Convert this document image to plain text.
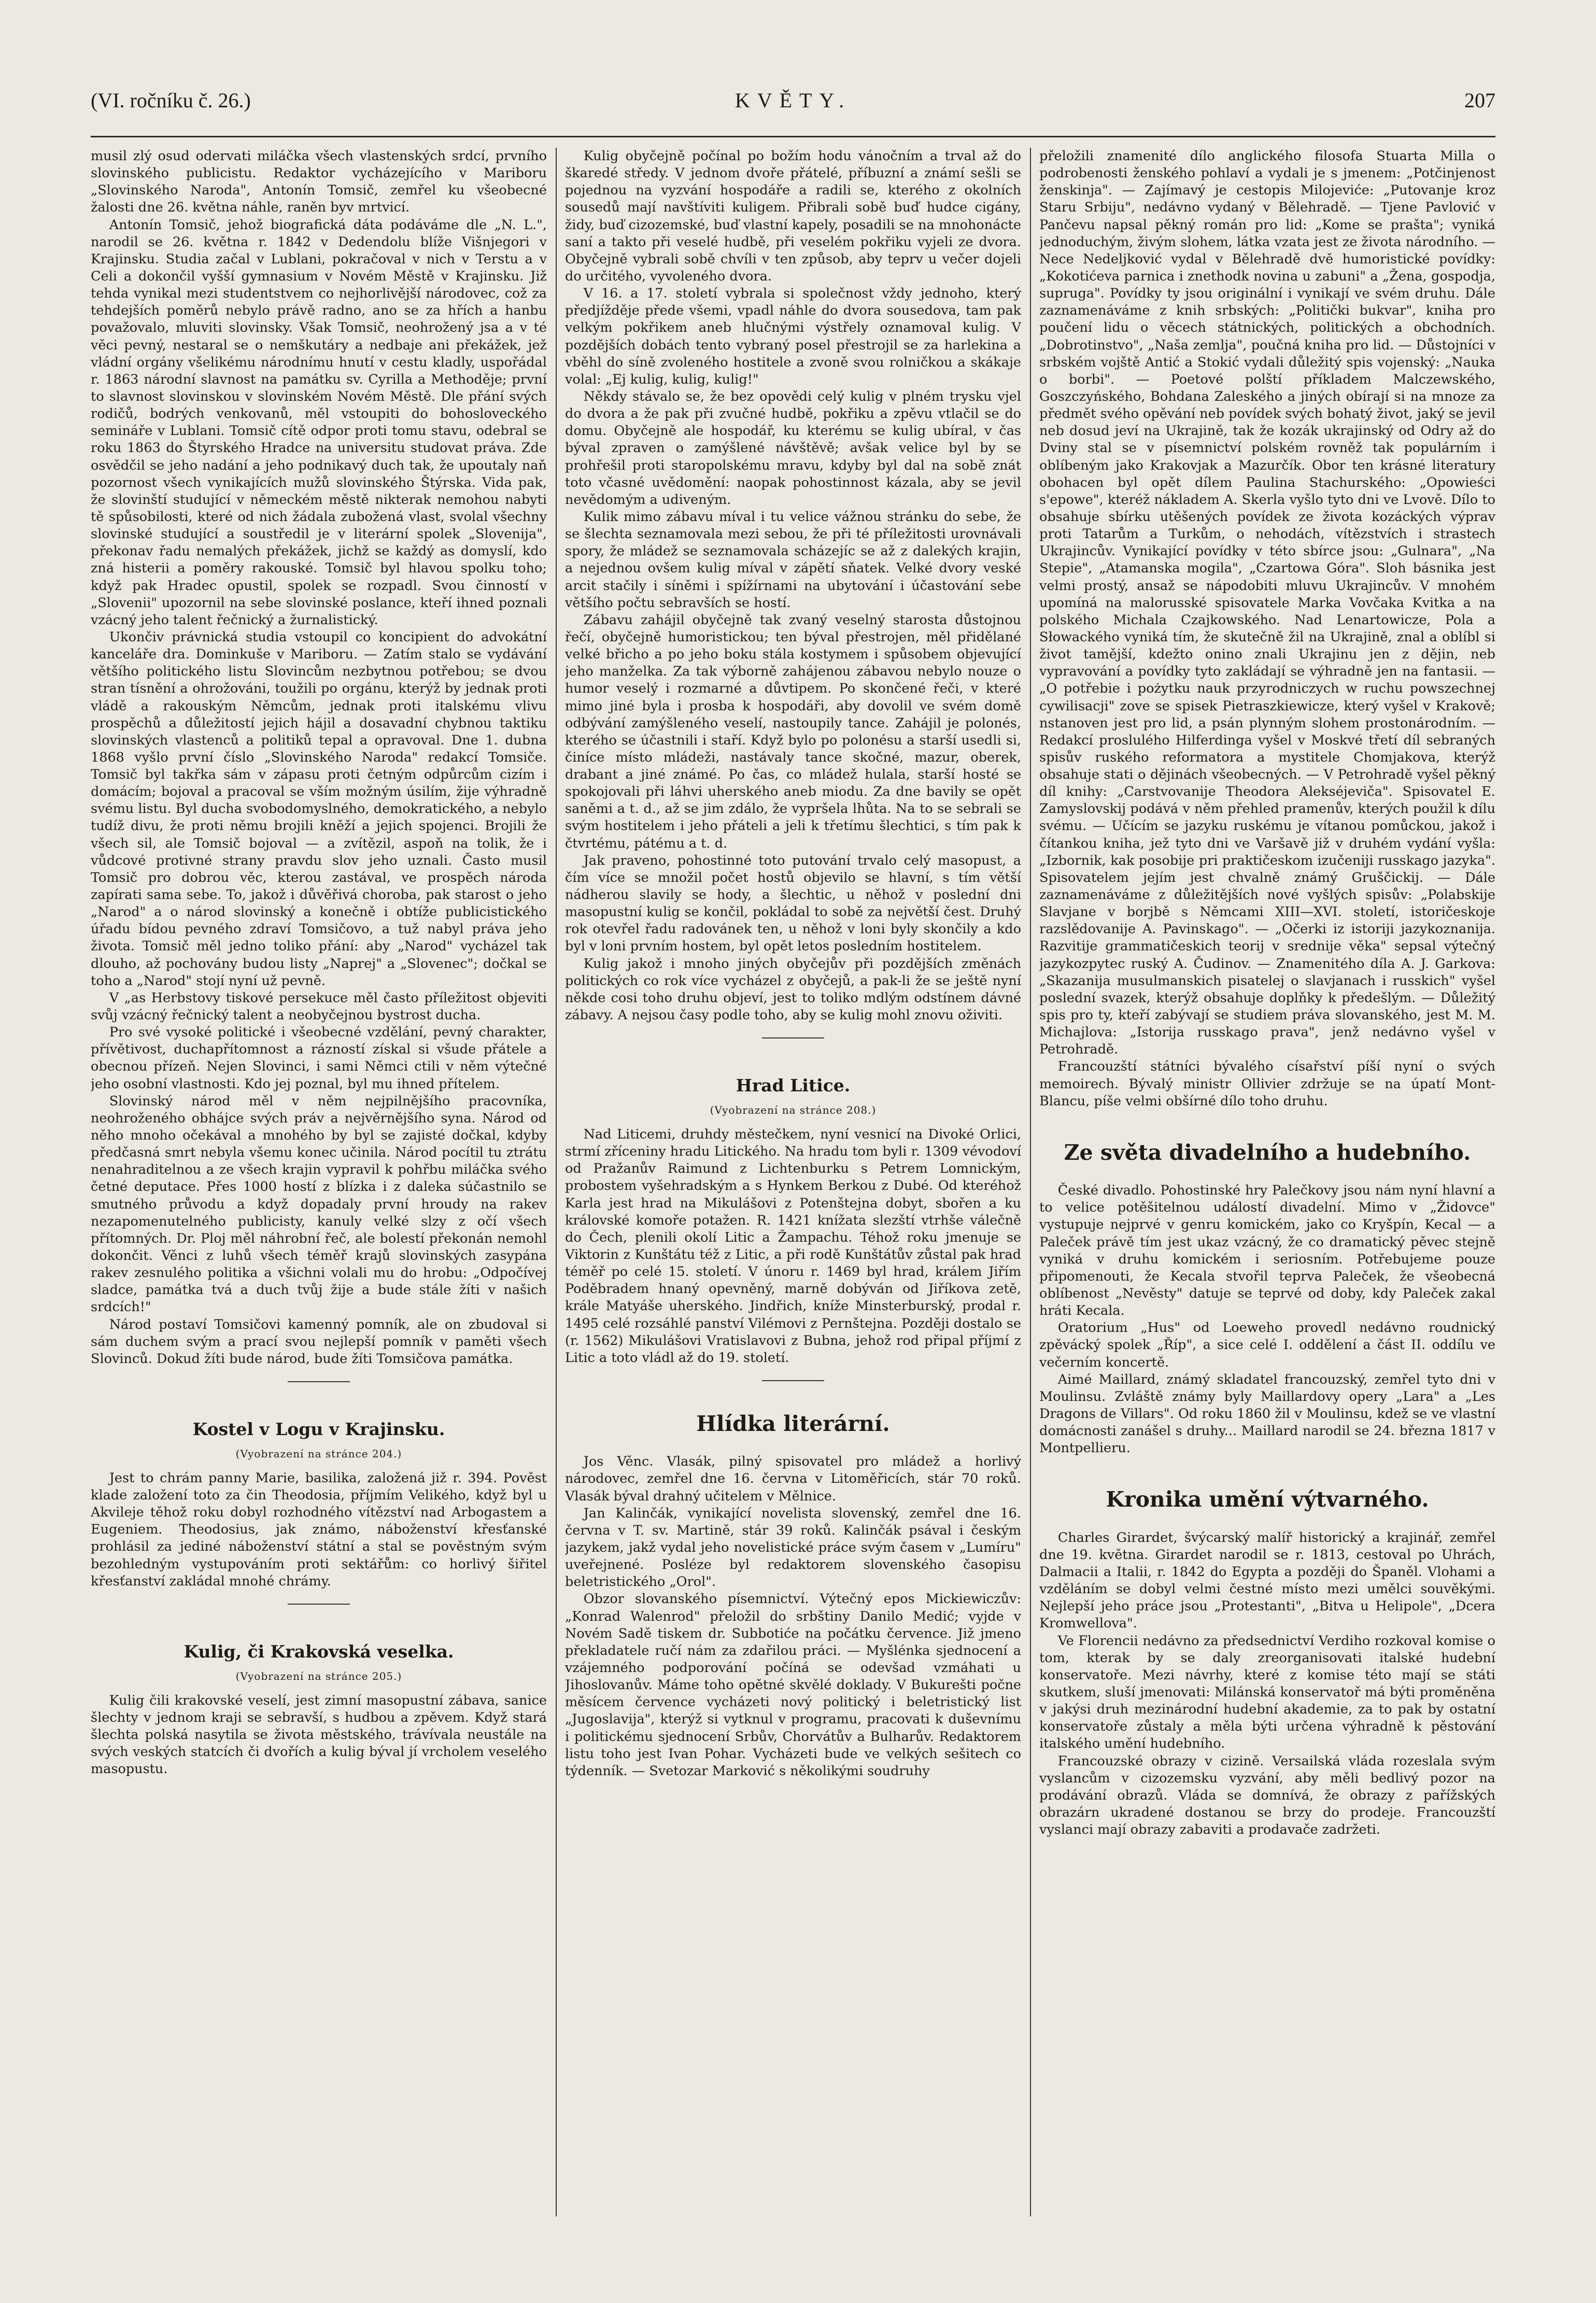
(VI. ročníku č. 26.)	KVĚTY.	207

musil zlý osud odervati miláčka všech vlastenských srdcí, prvního slovinského publicistu. Redaktor vycházejícího v Mariboru „Slovinského Naroda", Antonín Tomsič, zemřel ku všeobecné žalosti dne 26. května náhle, raněn byv mrtvicí.

Antonín Tomsič, jehož biografická dáta podáváme dle „N. L.", narodil se 26. května r. 1842 v Dedendolu blíže Višnjegori v Krajinsku. Studia začal v Lublani, pokračoval v nich v Terstu a v Celi a dokončil vyšší gymnasium v Novém Městě v Krajinsku. Již tehda vynikal mezi studentstvem co nejhorlivější národovec, což za tehdejších poměrů nebylo právě radno, ano se za hřích a hanbu považovalo, mluviti slovinsky. Však Tomsič, neohrožený jsa a v té věci pevný, nestaral se o nemškutáry a nedbaje ani překážek, jež vládní orgány všelikému národnímu hnutí v cestu kladly, uspořádal r. 1863 národní slavnost na památku sv. Cyrilla a Methoděje; první to slavnost slovinskou v slovinském Novém Městě. Dle přání svých rodičů, bodrých venkovanů, měl vstoupiti do bohosloveckého semináře v Lublani. Tomsič cítě odpor proti tomu stavu, odebral se roku 1863 do Štyrského Hradce na universitu studovat práva. Zde osvědčil se jeho nadání a jeho podnikavý duch tak, že upoutaly naň pozornost všech vynikajících mužů slovinského Štýrska. Vida pak, že slovinští studující v německém městě nikterak nemohou nabyti tě spůsobilosti, které od nich žádala zubožená vlast, svolal všechny slovinské studující a soustředil je v literární spolek „Slovenija", překonav řadu nemalých překážek, jichž se každý as domyslí, kdo zná histerii a poměry rakouské. Tomsič byl hlavou spolku toho; když pak Hradec opustil, spolek se rozpadl. Svou činností v „Slovenii" upozornil na sebe slovinské poslance, kteří ihned poznali vzácný jeho talent řečnický a žurnalistický.

Ukončiv právnická studia vstoupil co koncipient do advokátní kanceláře dra. Dominkuše v Mariboru. — Zatím stalo se vydávání většího politického listu Slovincům nezbytnou potřebou; se dvou stran tísnění a ohrožováni, toužili po orgánu, kterýž by jednak proti vládě a rakouským Němcům, jednak proti italskému vlivu prospěchů a důležitostí jejich hájil a dosavadní chybnou taktiku slovinských vlastenců a politiků tepal a opravoval. Dne 1. dubna 1868 vyšlo první číslo „Slovinského Naroda" redakcí Tomsiče. Tomsič byl takřka sám v zápasu proti četným odpůrcům cizím i domácím; bojoval a pracoval se vším možným úsilím, žije výhradně svému listu. Byl ducha svobodomyslného, demokratického, a nebylo tudíž divu, že proti němu brojili kněží a jejich spojenci. Brojili že všech sil, ale Tomsič bojoval — a zvítězil, aspoň na tolik, že i vůdcové protivné strany pravdu slov jeho uznali. Často musil Tomsič pro dobrou věc, kterou zastával, ve prospěch národa zapírati sama sebe. To, jakož i důvěřivá choroba, pak starost o jeho „Narod" a o národ slovinský a konečně i obtíže publicistického úřadu bídou pevného zdraví Tomsičovo, a tuž nabyl práva jeho života. Tomsič měl jedno toliko přání: aby „Narod" vycházel tak dlouho, až pochovány budou listy „Naprej" a „Slovenec"; dočkal se toho a „Narod" stojí nyní už pevně.

V „as Herbstovy tiskové persekuce měl často příležitost objeviti svůj vzácný řečnický talent a neobyčejnou bystrost ducha.

Pro své vysoké politické i všeobecné vzdělání, pevný charakter, přívětivost, duchapřítomnost a rázností získal si všude přátele a obecnou přízeň. Nejen Slovinci, i sami Němci ctili v něm výtečné jeho osobní vlastnosti. Kdo jej poznal, byl mu ihned přítelem.

Slovinský národ měl v něm nejpilnějšího pracovníka, neohroženého obhájce svých práv a nejvěrnějšího syna. Národ od něho mnoho očekával a mnohého by byl se zajisté dočkal, kdyby předčasná smrt nebyla všemu konec učinila. Národ pocítil tu ztrátu nenahraditelnou a ze všech krajin vypravil k pohřbu miláčka svého četné deputace. Přes 1000 hostí z blízka i z daleka súčastnilo se smutného průvodu a když dopadaly první hroudy na rakev nezapomenutelného publicisty, kanuly velké slzy z očí všech přítomných. Dr. Ploj měl náhrobní řeč, ale bolestí překonán nemohl dokončit. Věnci z luhů všech téměř krajů slovinských zasypána rakev zesnulého politika a všichni volali mu do hrobu: „Odpočívej sladce, památka tvá a duch tvůj žije a bude stále žíti v našich srdcích!"

Národ postaví Tomsičovi kamenný pomník, ale on zbudoval si sám duchem svým a prací svou nejlepší pomník v paměti všech Slovinců. Dokud žíti bude národ, bude žíti Tomsičova památka.

Kostel v Logu v Krajinsku.
(Vyobrazení na stránce 204.)

Jest to chrám panny Marie, basilika, založená již r. 394. Pověst klade založení toto za čin Theodosia, příjmím Velikého, když byl u Akvileje těhož roku dobyl rozhodného vítězství nad Arbogastem a Eugeniem. Theodosius, jak známo, náboženství křesťanské prohlásil za jediné náboženství státní a stal se pověstným svým bezohledným vystupováním proti sektářům: co horlivý šiřitel křesťanství zakládal mnohé chrámy.

Kulig, či Krakovská veselka.
(Vyobrazení na stránce 205.)

Kulig čili krakovské veselí, jest zimní masopustní zábava, sanice šlechty v jednom kraji se sebravší, s hudbou a zpěvem. Když stará šlechta polská nasytila se života městského, trávívala neustále na svých veských statcích či dvořích a kulig býval jí vrcholem veselého masopustu.

Kulig obyčejně počínal po božím hodu vánočním a trval až do škaredé středy. V jednom dvoře přátelé, příbuzní a známí sešli se pojednou na vyzvání hospodáře a radili se, kterého z okolních sousedů mají navštíviti kuligem. Přibrali sobě buď hudce cigány, židy, buď cizozemské, buď vlastní kapely, posadili se na mnohonácte saní a takto při veselé hudbě, při veselém pokřiku vyjeli ze dvora. Obyčejně vybrali sobě chvíli v ten způsob, aby teprv u večer dojeli do určitého, vyvoleného dvora.

V 16. a 17. století vybrala si společnost vždy jednoho, který předjížděje přede všemi, vpadl náhle do dvora sousedova, tam pak velkým pokřikem aneb hlučnými výstřely oznamoval kulig. V pozdějších dobách tento vybraný posel přestrojil se za harlekina a vběhl do síně zvoleného hostitele a zvoně svou rolničkou a skákaje volal: „Ej kulig, kulig, kulig!"

Někdy stávalo se, že bez opovědi celý kulig v plném trysku vjel do dvora a že pak při zvučné hudbě, pokřiku a zpěvu vtlačil se do domu. Obyčejně ale hospodář, ku kterému se kulig ubíral, v čas býval zpraven o zamýšlené návštěvě; avšak velice byl by se prohřešil proti staropolskému mravu, kdyby byl dal na sobě znát toto včasné uvědomění: naopak pohostinnost kázala, aby se jevil nevědomým a udiveným.

Kulik mimo zábavu míval i tu velice vážnou stránku do sebe, že se šlechta seznamovala mezi sebou, že při té příležitosti urovnávali spory, že mládež se seznamovala scházejíc se až z dalekých krajin, a nejednou ovšem kulig míval v zápětí sňatek. Velké dvory veské arcit stačily i síněmi i spížírnami na ubytování i účastování sebe většího počtu sebravších se hostí.

Zábavu zahájil obyčejně tak zvaný veselný starosta důstojnou řečí, obyčejně humoristickou; ten býval přestrojen, měl přidělané velké břicho a po jeho boku stála kostymem i spůsobem objevující jeho manželka. Za tak výborně zahájenou zábavou nebylo nouze o humor veselý i rozmarné a důvtipem. Po skončené řeči, v které mimo jiné byla i prosba k hospodáři, aby dovolil ve svém domě odbývání zamýšleného veselí, nastoupily tance. Zahájil je polonés, kterého se účastnili i staří. Když bylo po polonésu a starší usedli si, činíce místo mládeži, nastávaly tance skočné, mazur, oberek, drabant a jiné známé. Po čas, co mládež hulala, starší hosté se spokojovali při láhvi uherského aneb miodu. Za dne bavily se opět saněmi a t. d., až se jim zdálo, že vypršela lhůta. Na to se sebrali se svým hostitelem i jeho přáteli a jeli k třetímu šlechtici, s tím pak k čtvrtému, pátému a t. d.

Jak praveno, pohostinné toto putování trvalo celý masopust, a čím více se množil počet hostů objevilo se hlavní, s tím větší nádherou slavily se hody, a šlechtic, u něhož v poslední dni masopustní kulig se končil, pokládal to sobě za největší čest. Druhý rok otevřel řadu radovánek ten, u něhož v loni byly skončily a kdo byl v loni prvním hostem, byl opět letos posledním hostitelem.

Kulig jakož i mnoho jiných obyčejův při pozdějších změnách politických co rok více vycházel z obyčejů, a pak-li že se ještě nyní někde cosi toho druhu objeví, jest to toliko mdlým odstínem dávné zábavy. A nejsou časy podle toho, aby se kulig mohl znovu oživiti.

Hrad Litice.
(Vyobrazení na stránce 208.)

Nad Liticemi, druhdy městečkem, nyní vesnicí na Divoké Orlici, strmí zříceniny hradu Litického. Na hradu tom byli r. 1309 vévodoví od Pražanův Raimund z Lichtenburku s Petrem Lomnickým, probostem vyšehradským a s Hynkem Berkou z Dubé. Od kteréhož Karla jest hrad na Mikulášovi z Potenštejna dobyt, sbořen a ku královské komoře potažen. R. 1421 knížata slezští vtrhše válečně do Čech, plenili okolí Litic a Žampachu. Téhož roku jmenuje se Viktorin z Kunštátu též z Litic, a při rodě Kunštátův zůstal pak hrad téměř po celé 15. století. V únoru r. 1469 byl hrad, králem Jiřím Poděbradem hnaný opevněný, marně dobýván od Jiříkova zetě, krále Matyáše uherského. Jindřich, kníže Minsterburský, prodal r. 1495 celé rozsáhlé panství Vilémovi z Pernštejna. Později dostalo se (r. 1562) Mikulášovi Vratislavovi z Bubna, jehož rod připal příjmí z Litic a toto vládl až do 19. století.

Hlídka literární.

Jos Věnc. Vlasák, pilný spisovatel pro mládež a horlivý národovec, zemřel dne 16. června v Litoměřicích, stár 70 roků. Vlasák býval drahný učitelem v Mělnice.

Jan Kalinčák, vynikající novelista slovenský, zemřel dne 16. června v T. sv. Martině, stár 39 roků. Kalinčák psával i českým jazykem, jakž vydal jeho novelistické práce svým časem v „Lumíru" uveřejnené. Posléze byl redaktorem slovenského časopisu beletristického „Orol".

Obzor slovanského písemnictví. Výtečný epos Mickiewiczův: „Konrad Walenrod" přeložil do srbštiny Danilo Medić; vyjde v Novém Sadě tiskem dr. Subbotiće na počátku července. Již jmeno překladatele ručí nám za zdařilou práci. — Myšlénka sjednocení a vzájemného podporování počíná se odevšad vzmáhati u Jihoslovanův. Máme toho opětné skvělé doklady. V Bukurešti počne měsícem července vycházeti nový politický i beletristický list „Jugoslavija", kterýž si vytknul v programu, pracovati k duševnímu i politickému sjednocení Srbův, Chorvátův a Bulharův. Redaktorem listu toho jest Ivan Pohar. Vycházeti bude ve velkých sešitech co týdenník. — Svetozar Marković s několikými soudruhy

přeložili znamenité dílo anglického filosofa Stuarta Milla o podrobenosti ženského pohlaví a vydali je s jmenem: „Potčinjenost ženskinja". — Zajímavý je cestopis Milojeviće: „Putovanje kroz Staru Srbiju", nedávno vydaný v Bělehradě. — Tjene Pavlović v Pančevu napsal pěkný román pro lid: „Kome se prašta"; vyniká jednoduchým, živým slohem, látka vzata jest ze života národního. — Nece Nedeljković vydal v Bělehradě dvě humoristické povídky: „Kokotićeva parnica i znethodk novina u zabuni" a „Žena, gospodja, supruga". Povídky ty jsou originální i vynikají ve svém druhu. Dále zaznamenáváme z knih srbských: „Politički bukvar", kniha pro poučení lidu o věcech státnických, politických a obchodních. „Dobrotinstvo", „Naša zemlja", poučná kniha pro lid. — Důstojníci v srbském vojště Antić a Stokić vydali důležitý spis vojenský: „Nauka o borbi". — Poetové polští příkladem Malczewského, Goszczyńského, Bohdana Zaleského a jiných obírají si na mnoze za předmět svého opěvání neb povídek svých bohatý život, jaký se jevil neb dosud jeví na Ukrajině, tak že kozák ukrajinský od Odry až do Dviny stal se v písemnictví polském rovněž tak populárním i oblíbeným jako Krakovjak a Mazurčík. Obor ten krásné literatury obohacen byl opět dílem Paulina Stachurského: „Opowieści s'epowe", kteréž nákladem A. Skerla vyšlo tyto dni ve Lvově. Dílo to obsahuje sbírku utěšených povídek ze života kozáckých výprav proti Tatarům a Turkům, o nehodách, vítězstvích i strastech Ukrajincův. Vynikající povídky v této sbírce jsou: „Gulnara", „Na Stepie", „Atamanska mogila", „Czartowa Góra". Sloh básnika jest velmi prostý, ansaž se nápodobiti mluvu Ukrajincův. V mnohém upomíná na malorusské spisovatele Marka Vovčaka Kvitka a na polského Michala Czajkowského. Nad Lenartowicze, Pola a Słowackého vyniká tím, že skutečně žil na Ukrajině, znal a oblíbl si život tamější, kdežto onino znali Ukrajinu jen z dějin, neb vypravování a povídky tyto zakládají se výhradně jen na fantasii. — „O potřebie i pożytku nauk przyrodniczych w ruchu powszechnej cywilisacji" zove se spisek Pietraszkiewicze, který vyšel v Krakově; nstanoven jest pro lid, a psán plynným slohem prostonárodním. — Redakcí proslulého Hilferdinga vyšel v Moskvé třetí díl sebraných spisův ruského reformatora a mystitele Chomjakova, kterýž obsahuje stati o dějinách všeobecných. — V Petrohradě vyšel pěkný díl knihy: „Carstvovanije Theodora Alekséjeviča". Spisovatel E. Zamyslovskij podává v něm přehled pramenův, kterých použil k dílu svému. — Učícím se jazyku ruskému je vítanou pomůckou, jakož i čítankou kniha, jež tyto dni ve Varšavě již v druhém vydání vyšla: „Izbornik, kak posobije pri praktičeskom izučeniji russkago jazyka". Spisovatelem jejím jest chvalně známý Gruščickij. — Dále zaznamenáváme z důležitějších nové vyšlých spisův: „Polabskije Slavjane v borjbě s Němcami XIII—XVI. století, istoričeskoje razslědovanije A. Pavinskago". — „Očerki iz istoriji jazykoznanija. Razvitije grammatičeskich teorij v srednije věka" sepsal výtečný jazykozpytec ruský A. Čudinov. — Znamenitého díla A. J. Garkova: „Skazanija musulmanskich pisatelej o slavjanach i russkich" vyšel poslední svazek, kterýž obsahuje doplňky k předešlým. — Důležitý spis pro ty, kteří zabývají se studiem práva slovanského, jest M. M. Michajlova: „Istorija russkago prava", jenž nedávno vyšel v Petrohradě.

Francouzští státníci bývalého císařství píší nyní o svých memoirech. Bývalý ministr Ollivier zdržuje se na úpatí Mont-Blancu, píše velmi obšírné dílo toho druhu.

Ze světa divadelního a hudebního.

České divadlo. Pohostinské hry Palečkovy jsou nám nyní hlavní a to velice potěšitelnou událostí divadelní. Mimo v „Židovce" vystupuje nejprvé v genru komickém, jako co Kryšpín, Kecal — a Paleček právě tím jest ukaz vzácný, že co dramatický pěvec stejně vyniká v druhu komickém i seriosním. Potřebujeme pouze připomenouti, že Kecala stvořil teprva Paleček, že všeobecná oblíbenost „Nevěsty" datuje se teprvé od doby, kdy Paleček zakal hráti Kecala.

Oratorium „Hus" od Loeweho provedl nedávno roudnický zpěvácký spolek „Říp", a sice celé I. oddělení a část II. oddílu ve večerním koncertě.

Aimé Maillard, známý skladatel francouzský, zemřel tyto dni v Moulinsu. Zvláště známy byly Maillardovy opery „Lara" a „Les Dragons de Villars". Od roku 1860 žil v Moulinsu, kdež se ve vlastní domácnosti zanášel s druhy... Maillard narodil se 24. března 1817 v Montpellieru.

Kronika umění výtvarného.

Charles Girardet, švýcarský malíř historický a krajinář, zemřel dne 19. května. Girardet narodil se r. 1813, cestoval po Uhrách, Dalmacii a Italii, r. 1842 do Egypta a později do Španěl. Vlohami a vzděláním se dobyl velmi čestné místo mezi umělci souvěkými. Nejlepší jeho práce jsou „Protestanti", „Bitva u Helipole", „Dcera Kromwellova".

Ve Florencii nedávno za předsednictví Verdiho rozkoval komise o tom, kterak by se daly zreorganisovati italské hudební konservatoře. Mezi návrhy, které z komise této mají se státi skutkem, sluší jmenovati: Milánská konservatoř má býti proměněna v jakýsi druh mezinárodní hudební akademie, za to pak by ostatní konservatoře zůstaly a měla býti určena výhradně k pěstování italského umění hudebního.

Francouzské obrazy v cizině. Versailská vláda rozeslala svým vyslancům v cizozemsku vyzvání, aby měli bedlivý pozor na prodávání obrazů. Vláda se domnívá, že obrazy z pařížských obrazárn ukradené dostanou se brzy do prodeje. Francouzští vyslanci mají obrazy zabaviti a prodavače zadržeti.
